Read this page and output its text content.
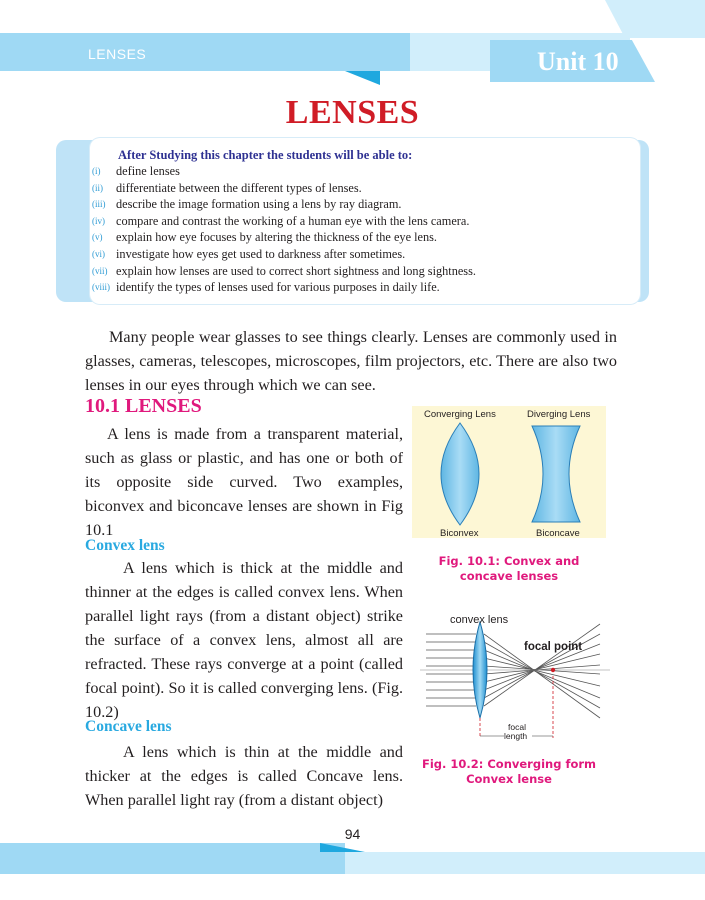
LENSES	Unit 10
LENSES
After Studying this chapter the students will be able to:
(i)	define lenses
(ii)	differentiate between the different types of lenses.
(iii) describe the image formation using a lens by ray diagram.
(iv) compare and contrast the working of a human eye with the lens camera.
(v)	explain how eye focuses by altering the thickness of the eye lens.
(vi) investigate how eyes get used to darkness after sometimes.
(vii) explain how lenses are used to correct short sightness and long sightness.
(viii) identify the types of lenses used for various purposes in daily life.
Many people wear glasses to see things clearly. Lenses are commonly used in glasses, cameras, telescopes, microscopes, film projectors, etc. There are also two lenses in our eyes through which we can see.
10.1 LENSES
A lens is made from a transparent material, such as glass or plastic, and has one or both of its opposite side curved. Two examples, biconvex and biconcave lenses are shown in Fig 10.1
Convex lens
A lens which is thick at the middle and thinner at the edges is called convex lens. When parallel light rays (from a distant object) strike the surface of a convex lens, almost all are refracted. These rays converge at a point (called focal point). So it is called converging lens. (Fig. 10.2)
Concave lens
A lens which is thin at the middle and thicker at the edges is called Concave lens. When parallel light ray (from a distant object)
Converging Lens	Diverging Lens
Biconvex	Biconcave
Fig. 10.1: Convex and concave lenses
convex lens
focal point
focal
length
Fig. 10.2: Converging form Convex lense
94
